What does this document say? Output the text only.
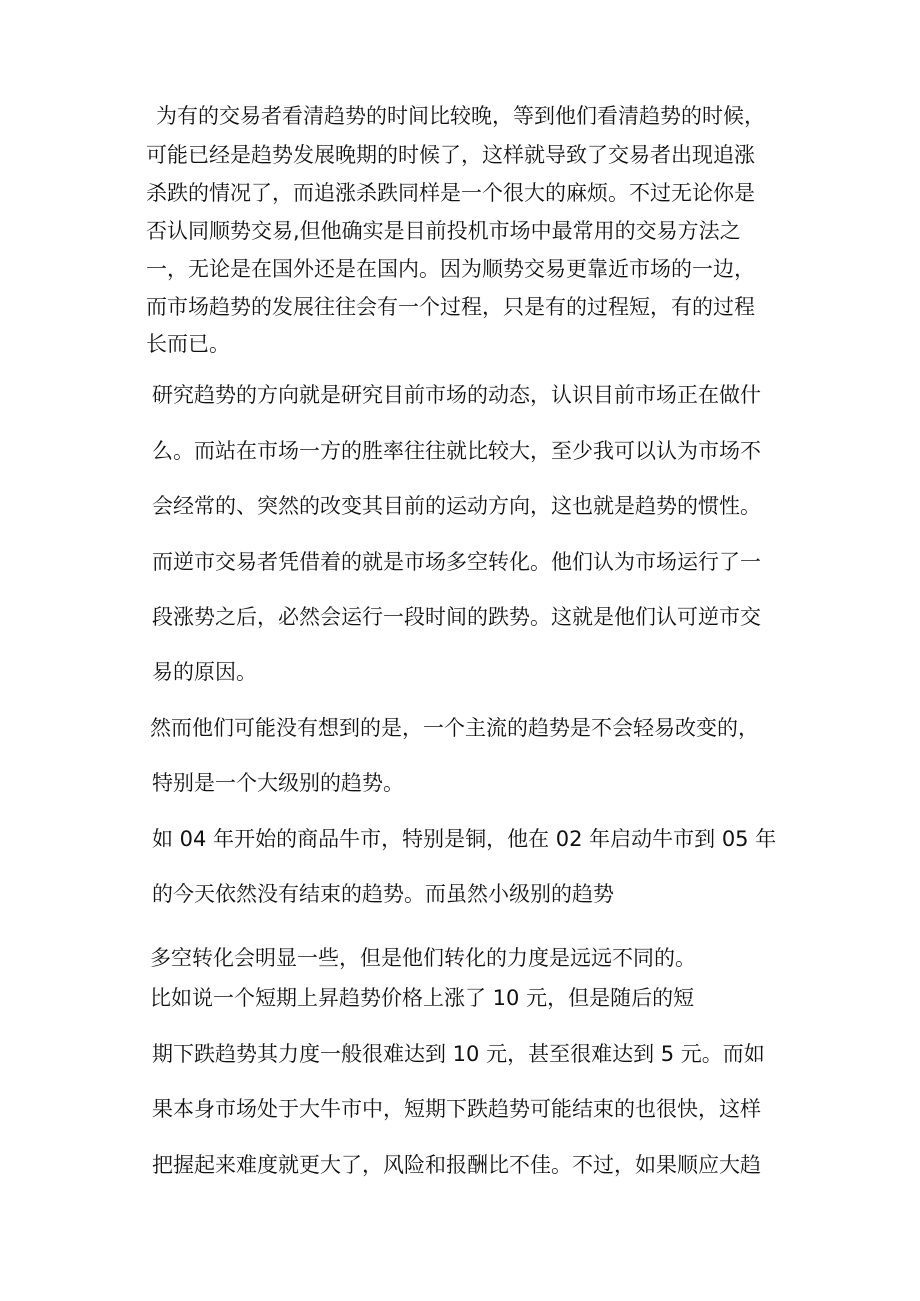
为有的交易者看清趋势的时间比较晚，等到他们看清趋势的时候，
可能已经是趋势发展晚期的时候了，这样就导致了交易者出现追涨
杀跌的情况了，而追涨杀跌同样是一个很大的麻烦。不过无论你是
否认同顺势交易,但他确实是目前投机市场中最常用的交易方法之
一，无论是在国外还是在国内。因为顺势交易更靠近市场的一边，
而市场趋势的发展往往会有一个过程，只是有的过程短，有的过程
长而已。
研究趋势的方向就是研究目前市场的动态，认识目前市场正在做什
么。而站在市场一方的胜率往往就比较大，至少我可以认为市场不
会经常的、突然的改变其目前的运动方向，这也就是趋势的惯性。
而逆市交易者凭借着的就是市场多空转化。他们认为市场运行了一
段涨势之后，必然会运行一段时间的跌势。这就是他们认可逆市交
易的原因。
然而他们可能没有想到的是，一个主流的趋势是不会轻易改变的，
特别是一个大级别的趋势。
如 04 年开始的商品牛市，特别是铜，他在 02 年启动牛市到 05 年
的今天依然没有结束的趋势。而虽然小级别的趋势
多空转化会明显一些，但是他们转化的力度是远远不同的。
比如说一个短期上昇趋势价格上涨了 10 元，但是随后的短
期下跌趋势其力度一般很难达到 10 元，甚至很难达到 5 元。而如
果本身市场处于大牛市中，短期下跌趋势可能结束的也很快，这样
把握起来难度就更大了，风险和报酬比不佳。不过，如果顺应大趋
